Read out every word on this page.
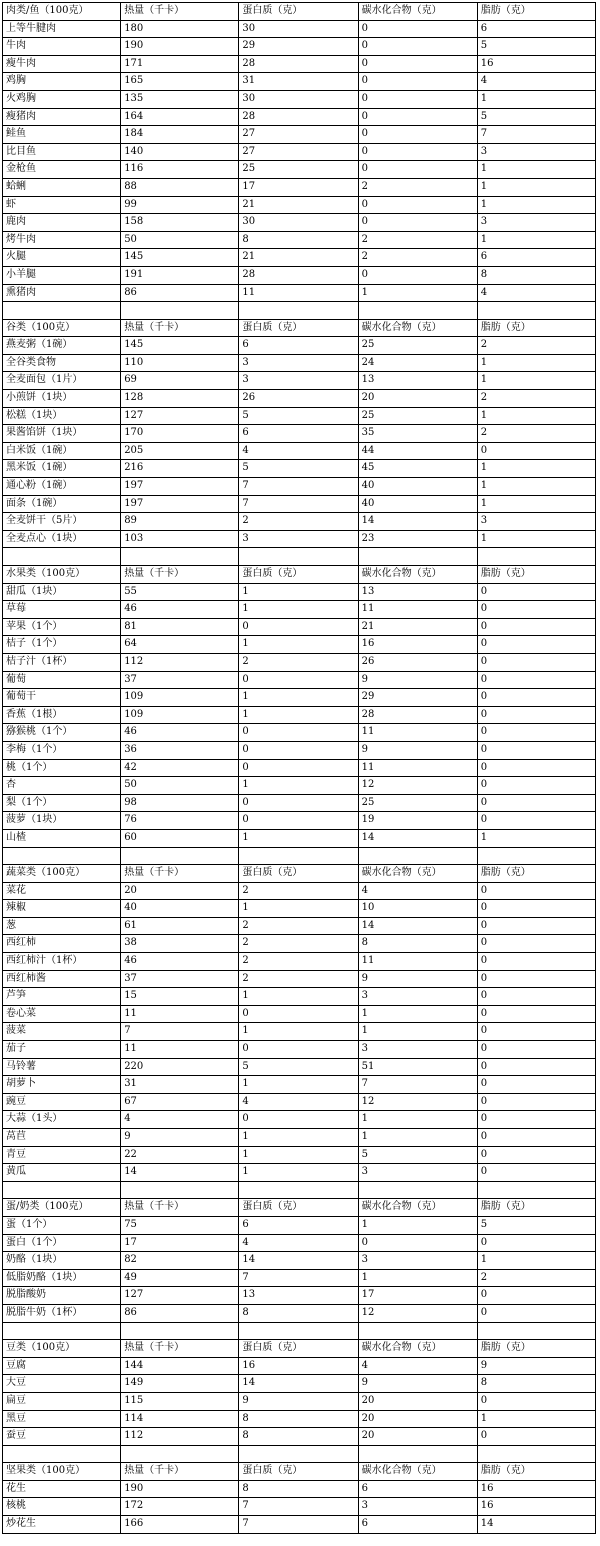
肉类/鱼（100克）	热量（千卡）	蛋白质（克）	碳水化合物（克）	脂肪（克）
上等牛腱肉	180	30	0	6
牛肉	190	29	0	5
瘦牛肉	171	28	0	16
鸡胸	165	31	0	4
火鸡胸	135	30	0	1
瘦猪肉	164	28	0	5
鲑鱼	184	27	0	7
比目鱼	140	27	0	3
金枪鱼	116	25	0	1
蛤蜊	88	17	2	1
虾	99	21	0	1
鹿肉	158	30	0	3
烤牛肉	50	8	2	1
火腿	145	21	2	6
小羊腿	191	28	0	8
熏猪肉	86	11	1	4

谷类（100克）	热量（千卡）	蛋白质（克）	碳水化合物（克）	脂肪（克）
燕麦粥（1碗）	145	6	25	2
全谷类食物	110	3	24	1
全麦面包（1片）	69	3	13	1
小煎饼（1块）	128	26	20	2
松糕（1块）	127	5	25	1
果酱馅饼（1块）	170	6	35	2
白米饭（1碗）	205	4	44	0
黑米饭（1碗）	216	5	45	1
通心粉（1碗）	197	7	40	1
面条（1碗）	197	7	40	1
全麦饼干（5片）	89	2	14	3
全麦点心（1块）	103	3	23	1

水果类（100克）	热量（千卡）	蛋白质（克）	碳水化合物（克）	脂肪（克）
甜瓜（1块）	55	1	13	0
草莓	46	1	11	0
苹果（1个）	81	0	21	0
桔子（1个）	64	1	16	0
桔子汁（1杯）	112	2	26	0
葡萄	37	0	9	0
葡萄干	109	1	29	0
香蕉（1根）	109	1	28	0
猕猴桃（1个）	46	0	11	0
李梅（1个）	36	0	9	0
桃（1个）	42	0	11	0
杏	50	1	12	0
梨（1个）	98	0	25	0
菠萝（1块）	76	0	19	0
山楂	60	1	14	1

蔬菜类（100克）	热量（千卡）	蛋白质（克）	碳水化合物（克）	脂肪（克）
菜花	20	2	4	0
辣椒	40	1	10	0
葱	61	2	14	0
西红柿	38	2	8	0
西红柿汁（1杯）	46	2	11	0
西红柿酱	37	2	9	0
芦笋	15	1	3	0
卷心菜	11	0	1	0
菠菜	7	1	1	0
茄子	11	0	3	0
马铃薯	220	5	51	0
胡萝卜	31	1	7	0
豌豆	67	4	12	0
大蒜（1头）	4	0	1	0
莴苣	9	1	1	0
青豆	22	1	5	0
黄瓜	14	1	3	0

蛋/奶类（100克）	热量（千卡）	蛋白质（克）	碳水化合物（克）	脂肪（克）
蛋（1个）	75	6	1	5
蛋白（1个）	17	4	0	0
奶酪（1块）	82	14	3	1
低脂奶酪（1块）	49	7	1	2
脱脂酸奶	127	13	17	0
脱脂牛奶（1杯）	86	8	12	0

豆类（100克）	热量（千卡）	蛋白质（克）	碳水化合物（克）	脂肪（克）
豆腐	144	16	4	9
大豆	149	14	9	8
扁豆	115	9	20	0
黑豆	114	8	20	1
蚕豆	112	8	20	0

坚果类（100克）	热量（千卡）	蛋白质（克）	碳水化合物（克）	脂肪（克）
花生	190	8	6	16
核桃	172	7	3	16
炒花生	166	7	6	14
